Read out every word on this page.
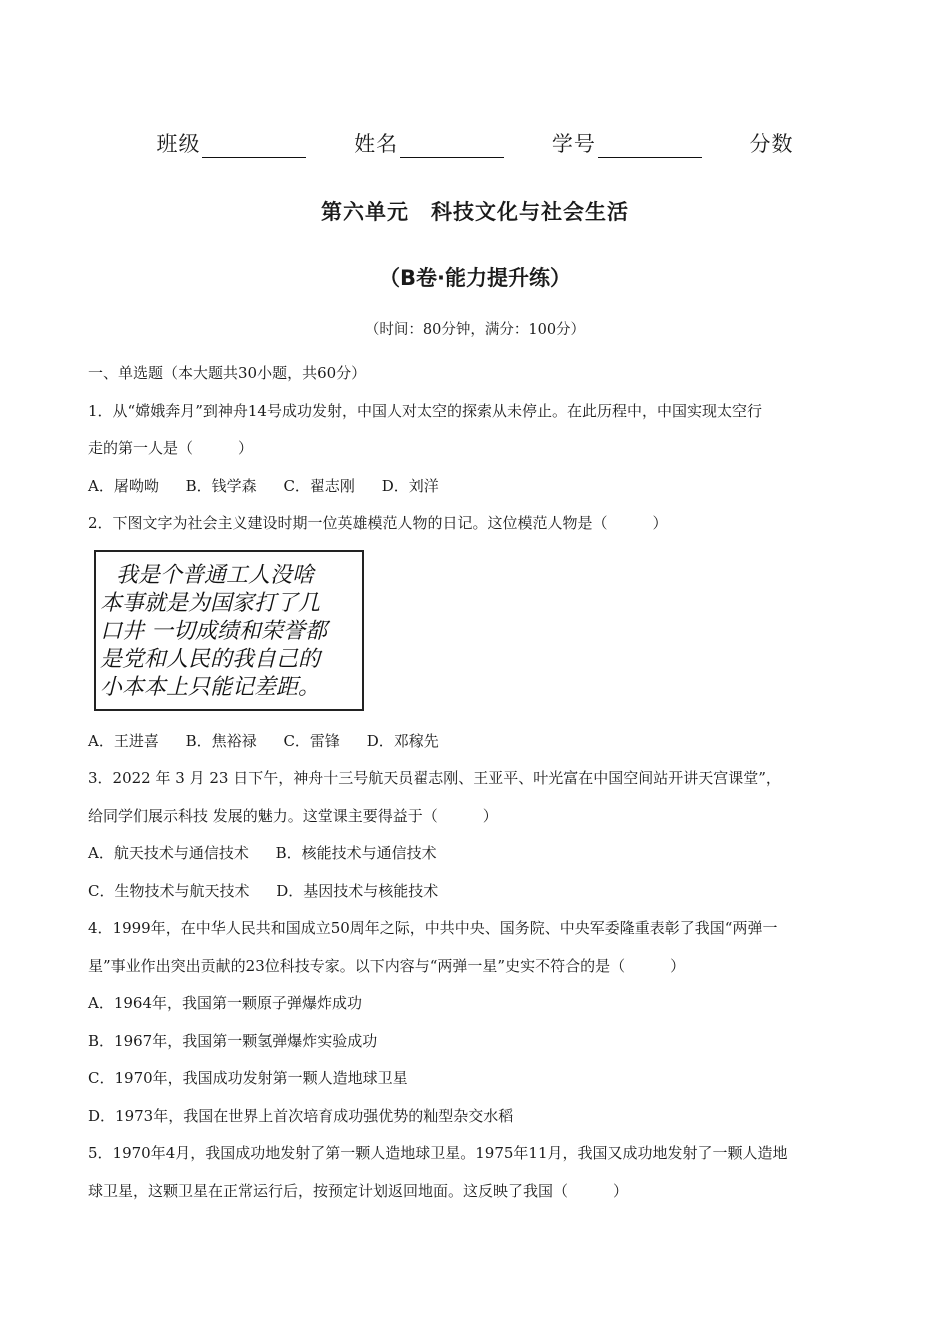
班级	姓名	学号	分数
第六单元　科技文化与社会生活
（B卷·能力提升练）
（时间：80分钟，满分：100分）
一、单选题（本大题共30小题，共60分）
1．从“嫦娥奔月”到神舟14号成功发射，中国人对太空的探索从未停止。在此历程中，中国实现太空行
走的第一人是（　　　）
A．屠呦呦 B．钱学森 C．翟志刚 D．刘洋
2．下图文字为社会主义建设时期一位英雄模范人物的日记。这位模范人物是（　　　）
我是个普通工人没啥
本事就是为国家打了几
口井 一切成绩和荣誉都
是党和人民的我自己的
小本本上只能记差距。
A．王进喜 B．焦裕禄 C．雷锋 D．邓稼先
3．2022 年 3 月 23 日下午，神舟十三号航天员翟志刚、王亚平、叶光富在中国空间站开讲天宫课堂”，
给同学们展示科技 发展的魅力。这堂课主要得益于（　　　）
A．航天技术与通信技术 B．核能技术与通信技术
C．生物技术与航天技术 D．基因技术与核能技术
4．1999年，在中华人民共和国成立50周年之际，中共中央、国务院、中央军委隆重表彰了我国“两弹一
星”事业作出突出贡献的23位科技专家。以下内容与“两弹一星”史实不符合的是（　　　）
A．1964年，我国第一颗原子弹爆炸成功
B．1967年，我国第一颗氢弹爆炸实验成功
C．1970年，我国成功发射第一颗人造地球卫星
D．1973年，我国在世界上首次培育成功强优势的籼型杂交水稻
5．1970年4月，我国成功地发射了第一颗人造地球卫星。1975年11月，我国又成功地发射了一颗人造地
球卫星，这颗卫星在正常运行后，按预定计划返回地面。这反映了我国（　　　）
